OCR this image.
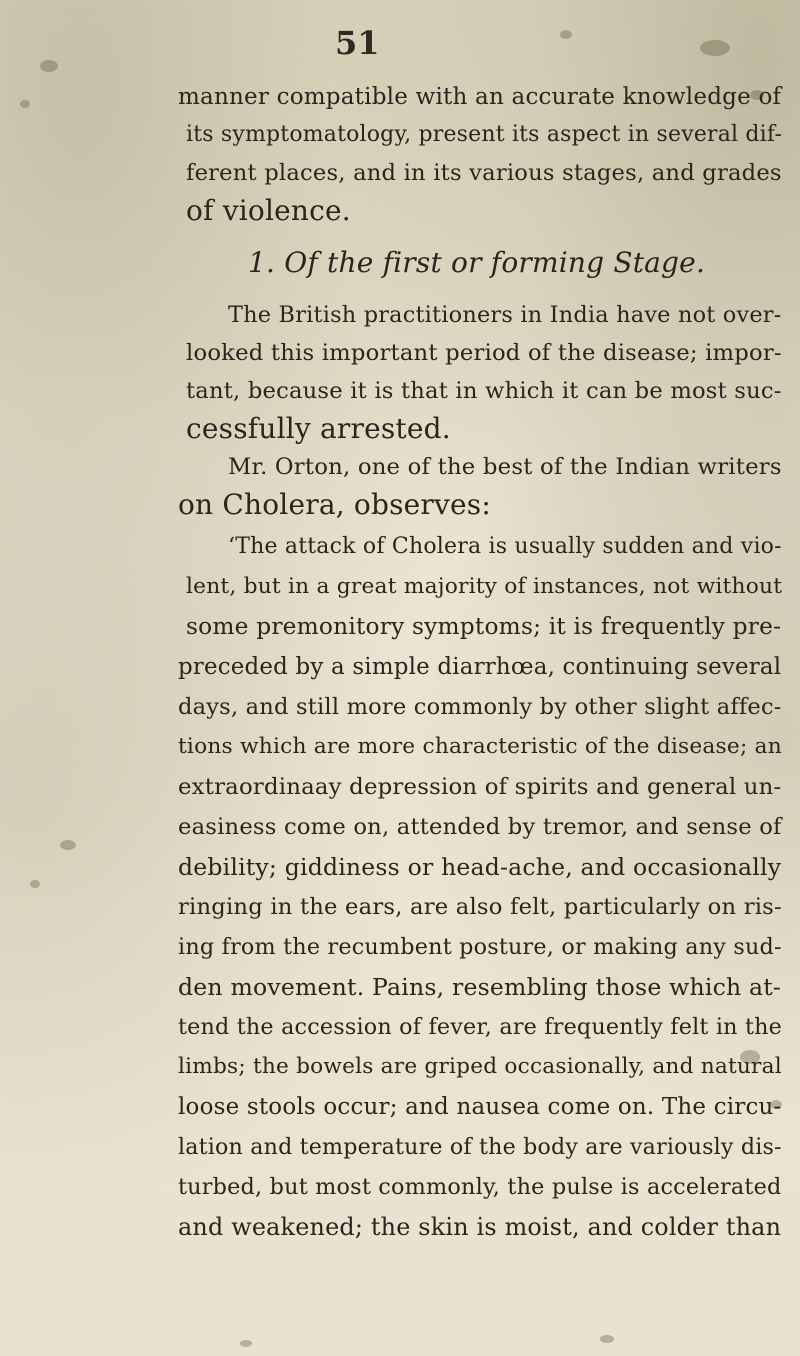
51
manner compatible with an accurate knowledge of
its symptomatology, present its aspect in several dif-
ferent places, and in its various stages, and grades
of violence.
1. Of the first or forming Stage.
The British practitioners in India have not over-
looked this important period of the disease; impor-
tant, because it is that in which it can be most suc-
cessfully arrested.
Mr. Orton, one of the best of the Indian writers
on Cholera, observes:
‘The attack of Cholera is usually sudden and vio-
lent, but in a great majority of instances, not without
some premonitory symptoms; it is frequently pre-
preceded by a simple diarrhœa, continuing several
days, and still more commonly by other slight affec-
tions which are more characteristic of the disease; an
extraordinaay depression of spirits and general un-
easiness come on, attended by tremor, and sense of
debility; giddiness or head-ache, and occasionally
ringing in the ears, are also felt, particularly on ris-
ing from the recumbent posture, or making any sud-
den movement. Pains, resembling those which at-
tend the accession of fever, are frequently felt in the
limbs; the bowels are griped occasionally, and natural
loose stools occur; and nausea come on. The circu-
lation and temperature of the body are variously dis-
turbed, but most commonly, the pulse is accelerated
and weakened; the skin is moist, and colder than
